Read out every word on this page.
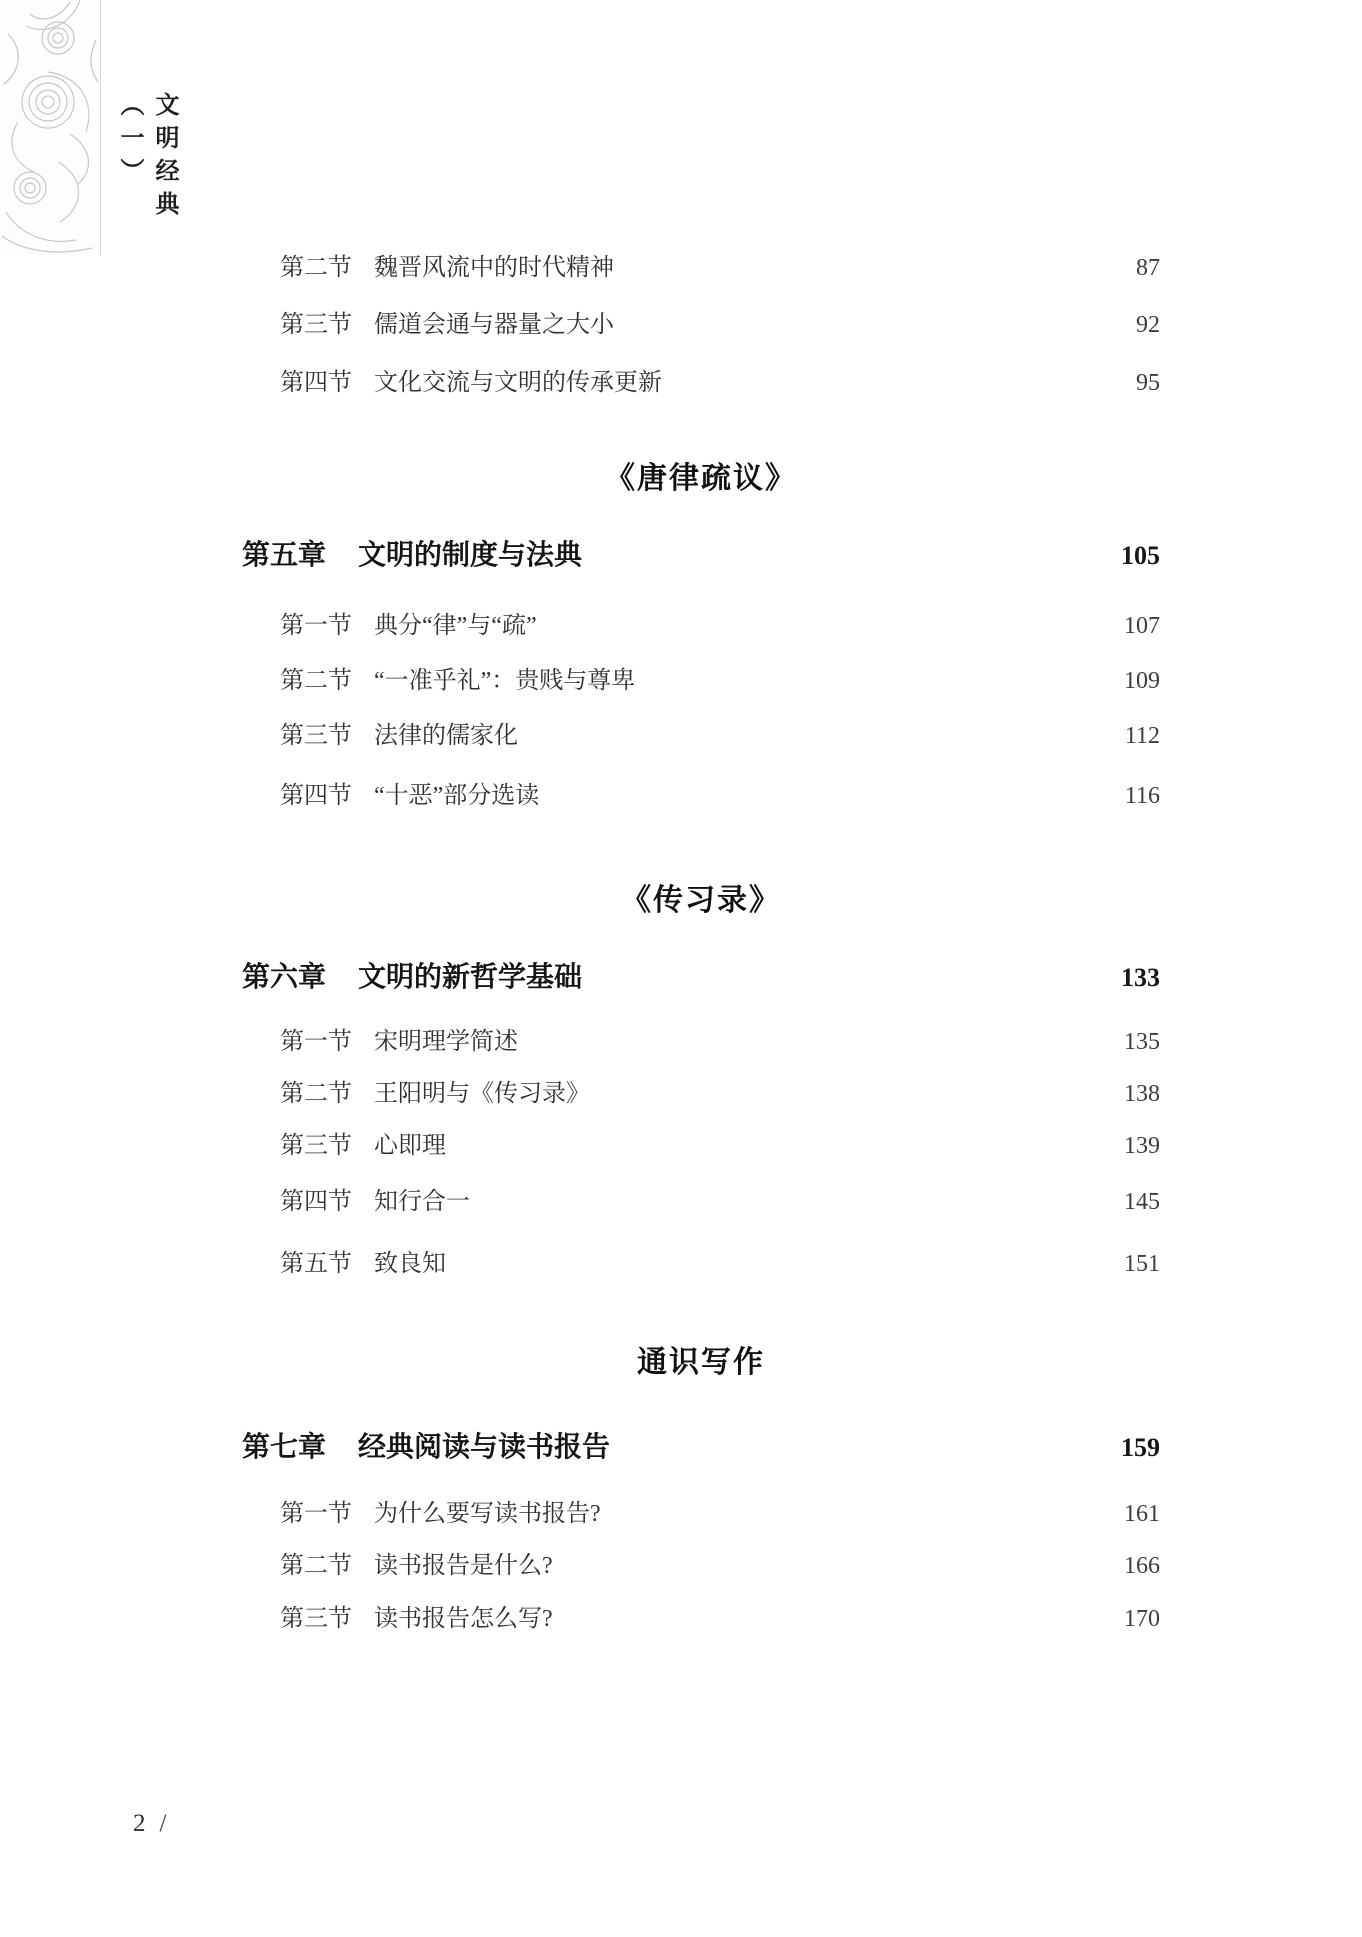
文明经典（一）
第二节 魏晋风流中的时代精神	87
第三节 儒道会通与器量之大小	92
第四节 文化交流与文明的传承更新	95
《唐律疏议》
第五章 文明的制度与法典	105
第一节 典分“律”与“疏”	107
第二节 “一准乎礼”：贵贱与尊卑	109
第三节 法律的儒家化	112
第四节 “十恶”部分选读	116
《传习录》
第六章 文明的新哲学基础	133
第一节 宋明理学简述	135
第二节 王阳明与《传习录》	138
第三节 心即理	139
第四节 知行合一	145
第五节 致良知	151
通识写作
第七章 经典阅读与读书报告	159
第一节 为什么要写读书报告?	161
第二节 读书报告是什么?	166
第三节 读书报告怎么写?	170
2 /
